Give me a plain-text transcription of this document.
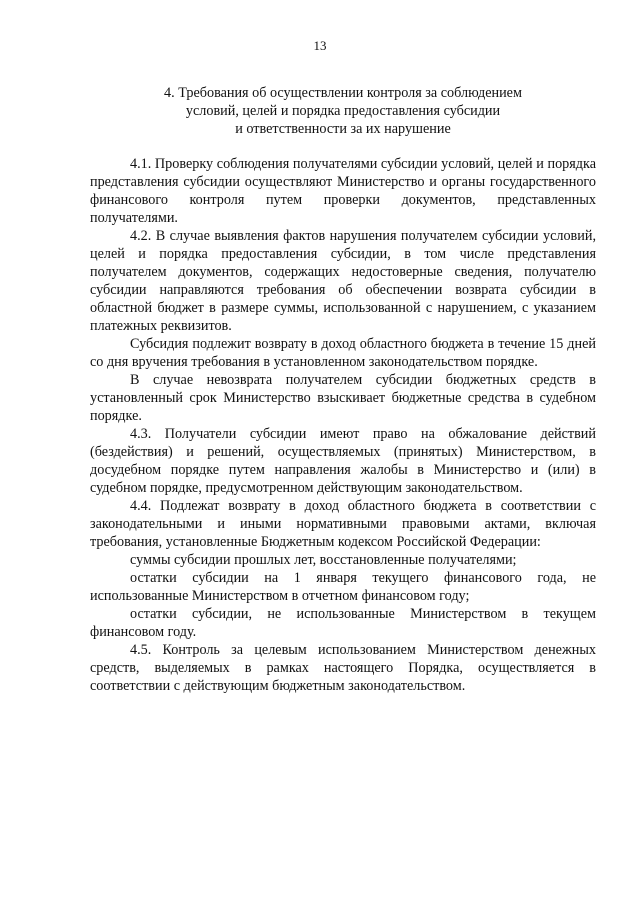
13
4. Требования об осуществлении контроля за соблюдением
условий, целей и порядка предоставления субсидии
и ответственности за их нарушение

4.1. Проверку соблюдения получателями субсидии условий, целей и порядка представления субсидии осуществляют Министерство и органы государственного финансового контроля путем проверки документов, представленных получателями.

4.2. В случае выявления фактов нарушения получателем субсидии условий, целей и порядка предоставления субсидии, в том числе представления получателем документов, содержащих недостоверные сведения, получателю субсидии направляются требования об обеспечении возврата субсидии в областной бюджет в размере суммы, использованной с нарушением, с указанием платежных реквизитов.

Субсидия подлежит возврату в доход областного бюджета в течение 15 дней со дня вручения требования в установленном законодательством порядке.

В случае невозврата получателем субсидии бюджетных средств в установленный срок Министерство взыскивает бюджетные средства в судебном порядке.

4.3. Получатели субсидии имеют право на обжалование действий (бездействия) и решений, осуществляемых (принятых) Министерством, в досудебном порядке путем направления жалобы в Министерство и (или) в судебном порядке, предусмотренном действующим законодательством.

4.4. Подлежат возврату в доход областного бюджета в соответствии с законодательными и иными нормативными правовыми актами, включая требования, установленные Бюджетным кодексом Российской Федерации:

суммы субсидии прошлых лет, восстановленные получателями;

остатки субсидии на 1 января текущего финансового года, не использованные Министерством в отчетном финансовом году;

остатки субсидии, не использованные Министерством в текущем финансовом году.

4.5. Контроль за целевым использованием Министерством денежных средств, выделяемых в рамках настоящего Порядка, осуществляется в соответствии с действующим бюджетным законодательством.
